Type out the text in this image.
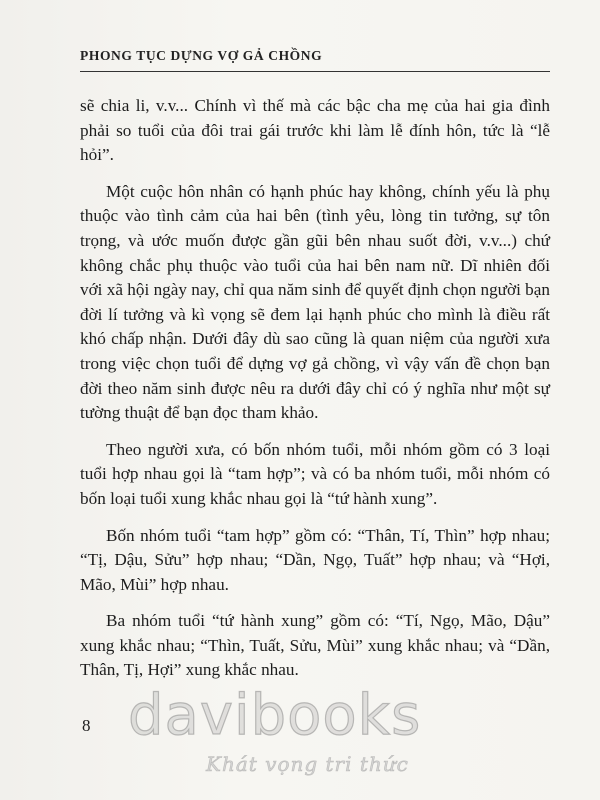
PHONG TỤC DỰNG VỢ GẢ CHỒNG

sẽ chia li, v.v... Chính vì thế mà các bậc cha mẹ của hai gia đình phải so tuổi của đôi trai gái trước khi làm lễ đính hôn, tức là “lễ hỏi”.

Một cuộc hôn nhân có hạnh phúc hay không, chính yếu là phụ thuộc vào tình cảm của hai bên (tình yêu, lòng tin tưởng, sự tôn trọng, và ước muốn được gần gũi bên nhau suốt đời, v.v...) chứ không chắc phụ thuộc vào tuổi của hai bên nam nữ. Dĩ nhiên đối với xã hội ngày nay, chỉ qua năm sinh để quyết định chọn người bạn đời lí tưởng và kì vọng sẽ đem lại hạnh phúc cho mình là điều rất khó chấp nhận. Dưới đây dù sao cũng là quan niệm của người xưa trong việc chọn tuổi để dựng vợ gả chồng, vì vậy vấn đề chọn bạn đời theo năm sinh được nêu ra dưới đây chỉ có ý nghĩa như một sự tường thuật để bạn đọc tham khảo.

Theo người xưa, có bốn nhóm tuổi, mỗi nhóm gồm có 3 loại tuổi hợp nhau gọi là “tam hợp”; và có ba nhóm tuổi, mỗi nhóm có bốn loại tuổi xung khắc nhau gọi là “tứ hành xung”.

Bốn nhóm tuổi “tam hợp” gồm có: “Thân, Tí, Thìn” hợp nhau; “Tị, Dậu, Sửu” hợp nhau; “Dần, Ngọ, Tuất” hợp nhau; và “Hợi, Mão, Mùi” hợp nhau.

Ba nhóm tuổi “tứ hành xung” gồm có: “Tí, Ngọ, Mão, Dậu” xung khắc nhau; “Thìn, Tuất, Sửu, Mùi” xung khắc nhau; và “Dần, Thân, Tị, Hợi” xung khắc nhau.

8 davibooks
Khát vọng tri thức
